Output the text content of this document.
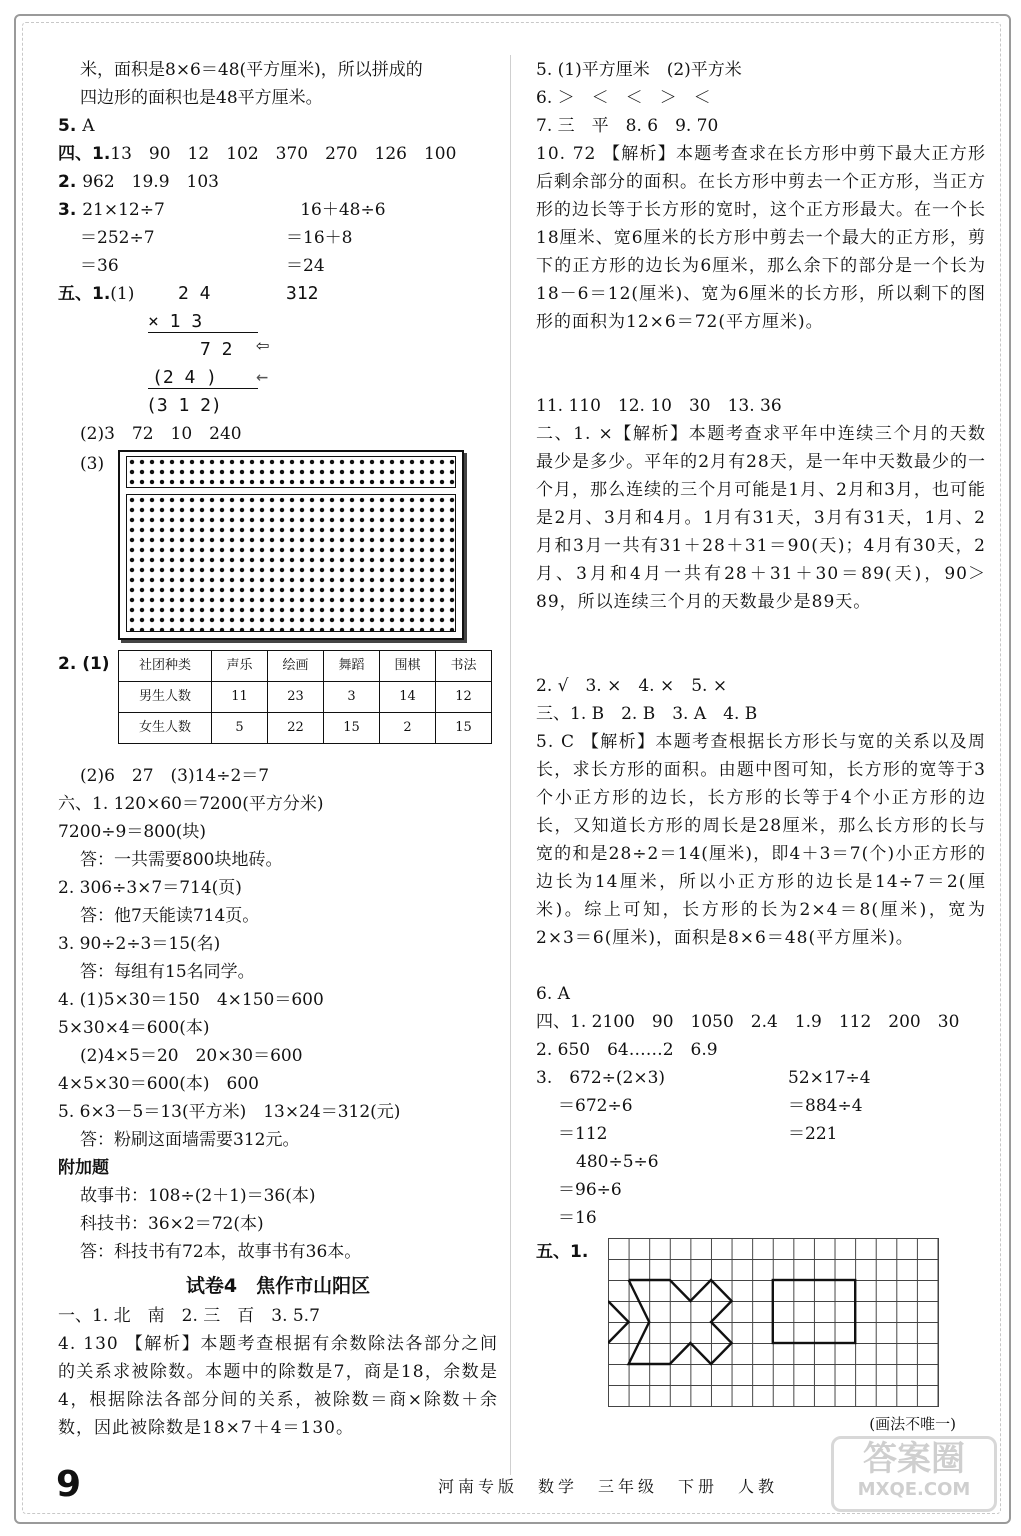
米，面积是8×6＝48(平方厘米)，所以拼成的
四边形的面积也是48平方厘米。
5. A
四、1.13　90　12　102　370　270　126　100
2. 962　19.9　103
3. 21×12÷7	16＋48÷6
＝252÷7	＝16＋8
＝36	＝24
五、1.(1)	2 4	312
× 1 3
7 2 ⇦
(2 4 ) ←
(3 1 2)
(2)3　72　10　240
(3)
2. (1) 社团种类	声乐	绘画	舞蹈	围棋	书法
男生人数	11	23	3	14	12
女生人数	5	22	15	2	15
(2)6　27　(3)14÷2＝7
六、1. 120×60＝7200(平方分米)
7200÷9＝800(块)
答：一共需要800块地砖。
2. 306÷3×7＝714(页)
答：他7天能读714页。
3. 90÷2÷3＝15(名)
答：每组有15名同学。
4. (1)5×30＝150　4×150＝600
5×30×4＝600(本)
(2)4×5＝20　20×30＝600
4×5×30＝600(本)　600
5. 6×3－5＝13(平方米)　13×24＝312(元)
答：粉刷这面墙需要312元。
附加题
故事书：108÷(2＋1)＝36(本)
科技书：36×2＝72(本)
答：科技书有72本，故事书有36本。
试卷4　焦作市山阳区
一、1. 北　南　2. 三　百　3. 5.7
4. 130 【解析】本题考查根据有余数除法各部分之间的关系求被除数。本题中的除数是7，商是18，余数是4，根据除法各部分间的关系，被除数＝商×除数＋余数，因此被除数是18×7＋4＝130。
5. (1)平方厘米　(2)平方米
6. ＞　＜　＜　＞　＜
7. 三　平　8. 6　9. 70
10. 72 【解析】本题考查求在长方形中剪下最大正方形后剩余部分的面积。在长方形中剪去一个正方形，当正方形的边长等于长方形的宽时，这个正方形最大。在一个长18厘米、宽6厘米的长方形中剪去一个最大的正方形，剪下的正方形的边长为6厘米，那么余下的部分是一个长为18－6＝12(厘米)、宽为6厘米的长方形，所以剩下的图形的面积为12×6＝72(平方厘米)。
11. 110　12. 10　30　13. 36
二、1. ×【解析】本题考查求平年中连续三个月的天数最少是多少。平年的2月有28天，是一年中天数最少的一个月，那么连续的三个月可能是1月、2月和3月，也可能是2月、3月和4月。1月有31天，3月有31天，1月、2月和3月一共有31＋28＋31＝90(天)；4月有30天，2月、3月和4月一共有28＋31＋30＝89(天)，90＞89，所以连续三个月的天数最少是89天。
2. √　3. ×　4. ×　5. ×
三、1. B　2. B　3. A　4. B
5. C 【解析】本题考查根据长方形长与宽的关系以及周长，求长方形的面积。由题中图可知，长方形的宽等于3个小正方形的边长，长方形的长等于4个小正方形的边长，又知道长方形的周长是28厘米，那么长方形的长与宽的和是28÷2＝14(厘米)，即4＋3＝7(个)小正方形的边长为14厘米，所以小正方形的边长是14÷7＝2(厘米)。综上可知，长方形的长为2×4＝8(厘米)，宽为2×3＝6(厘米)，面积是8×6＝48(平方厘米)。
6. A
四、1. 2100　90　1050　2.4　1.9　112　200　30
2. 650　64……2　6.9
3.　672÷(2×3)	52×17÷4
＝672÷6	＝884÷4
＝112	＝221
480÷5÷6
＝96÷6
＝16
五、1.
(画法不唯一)
9	河南专版　数学　三年级　下册　人教
答案圈
MXQE.COM
